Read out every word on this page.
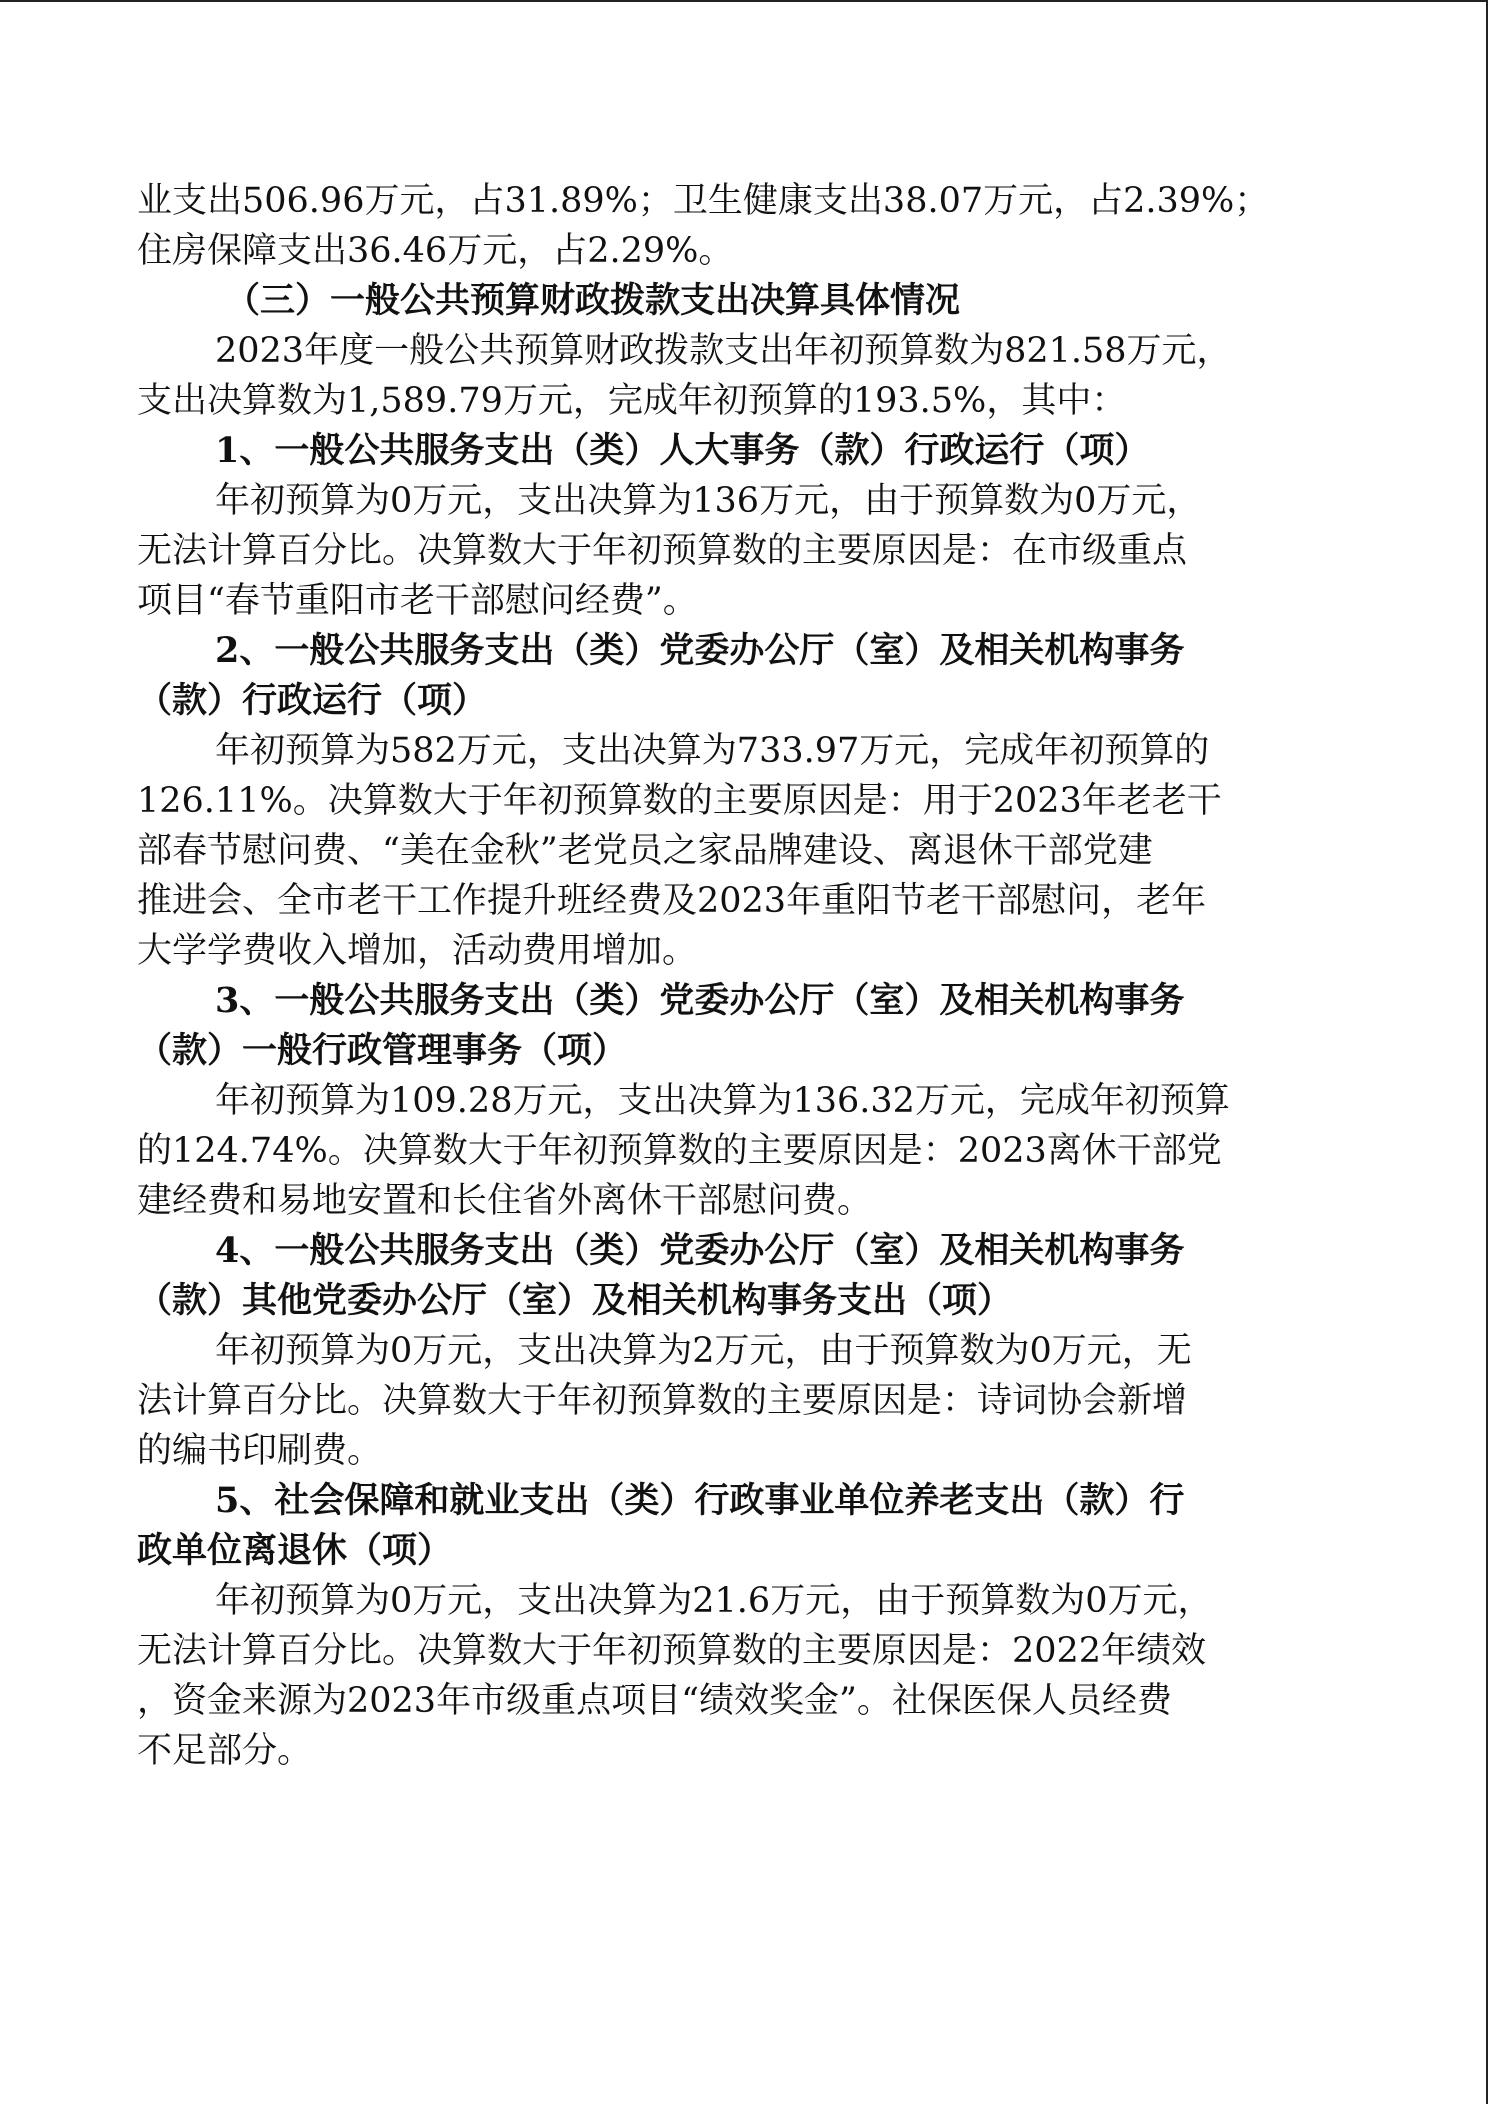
业支出506.96万元，占31.89%；卫生健康支出38.07万元，占2.39%；
住房保障支出36.46万元，占2.29%。
（三）一般公共预算财政拨款支出决算具体情况
2023年度一般公共预算财政拨款支出年初预算数为821.58万元，
支出决算数为1,589.79万元，完成年初预算的193.5%，其中：
1、一般公共服务支出（类）人大事务（款）行政运行（项）
年初预算为0万元，支出决算为136万元，由于预算数为0万元，
无法计算百分比。决算数大于年初预算数的主要原因是：在市级重点
项目“春节重阳市老干部慰问经费”。
2、一般公共服务支出（类）党委办公厅（室）及相关机构事务
（款）行政运行（项）
年初预算为582万元，支出决算为733.97万元，完成年初预算的
126.11%。决算数大于年初预算数的主要原因是：用于2023年老老干
部春节慰问费、“美在金秋”老党员之家品牌建设、离退休干部党建
推进会、全市老干工作提升班经费及2023年重阳节老干部慰问，老年
大学学费收入增加，活动费用增加。
3、一般公共服务支出（类）党委办公厅（室）及相关机构事务
（款）一般行政管理事务（项）
年初预算为109.28万元，支出决算为136.32万元，完成年初预算
的124.74%。决算数大于年初预算数的主要原因是：2023离休干部党
建经费和易地安置和长住省外离休干部慰问费。
4、一般公共服务支出（类）党委办公厅（室）及相关机构事务
（款）其他党委办公厅（室）及相关机构事务支出（项）
年初预算为0万元，支出决算为2万元，由于预算数为0万元，无
法计算百分比。决算数大于年初预算数的主要原因是：诗词协会新增
的编书印刷费。
5、社会保障和就业支出（类）行政事业单位养老支出（款）行
政单位离退休（项）
年初预算为0万元，支出决算为21.6万元，由于预算数为0万元，
无法计算百分比。决算数大于年初预算数的主要原因是：2022年绩效
，资金来源为2023年市级重点项目“绩效奖金”。社保医保人员经费
不足部分。
